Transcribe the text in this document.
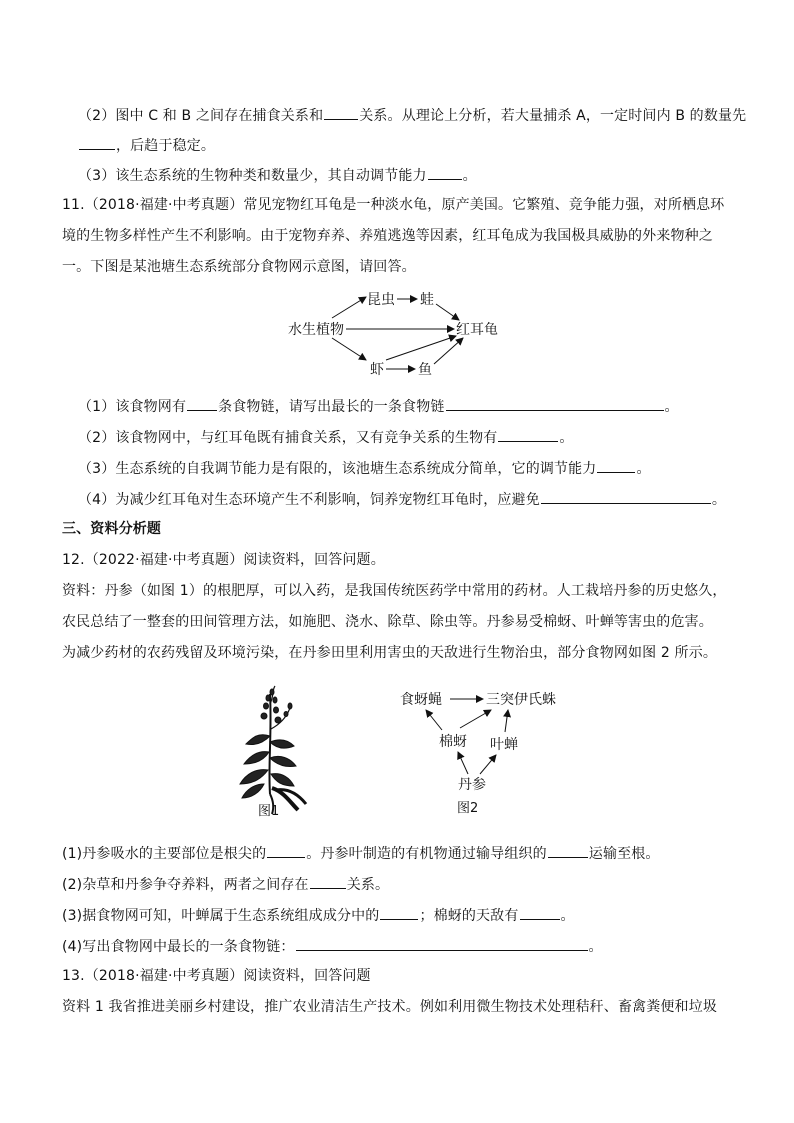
（2）图中 C 和 B 之间存在捕食关系和	关系。从理论上分析，若大量捕杀 A，一定时间内 B 的数量先
，后趋于稳定。
（3）该生态系统的生物种类和数量少，其自动调节能力	。
11.（2018·福建·中考真题）常见宠物红耳龟是一种淡水龟，原产美国。它繁殖、竞争能力强，对所栖息环
境的生物多样性产生不利影响。由于宠物弃养、养殖逃逸等因素，红耳龟成为我国极具威胁的外来物种之
一。下图是某池塘生态系统部分食物网示意图，请回答。
水生植物
昆虫 蛙
红耳龟
虾 鱼
（1）该食物网有 条食物链，请写出最长的一条食物链	。
（2）该食物网中，与红耳龟既有捕食关系，又有竞争关系的生物有	。
（3）生态系统的自我调节能力是有限的，该池塘生态系统成分简单，它的调节能力	。
（4）为减少红耳龟对生态环境产生不利影响，饲养宠物红耳龟时，应避免	。
三、资料分析题
12.（2022·福建·中考真题）阅读资料，回答问题。
资料：丹参（如图 1）的根肥厚，可以入药，是我国传统医药学中常用的药材。人工栽培丹参的历史悠久，
农民总结了一整套的田间管理方法，如施肥、浇水、除草、除虫等。丹参易受棉蚜、叶蝉等害虫的危害。
为减少药材的农药残留及环境污染，在丹参田里利用害虫的天敌进行生物治虫，部分食物网如图 2 所示。
图1
食蚜蝇	三突伊氏蛛
棉蚜 叶蝉
丹参
图2
(1)丹参吸水的主要部位是根尖的	。丹参叶制造的有机物通过输导组织的	运输至根。
(2)杂草和丹参争夺养料，两者之间存在	关系。
(3)据食物网可知，叶蝉属于生态系统组成成分中的	；棉蚜的天敌有	。
(4)写出食物网中最长的一条食物链：	。
13.（2018·福建·中考真题）阅读资料，回答问题
资料 1 我省推进美丽乡村建设，推广农业清洁生产技术。例如利用微生物技术处理秸秆、畜禽粪便和垃圾
